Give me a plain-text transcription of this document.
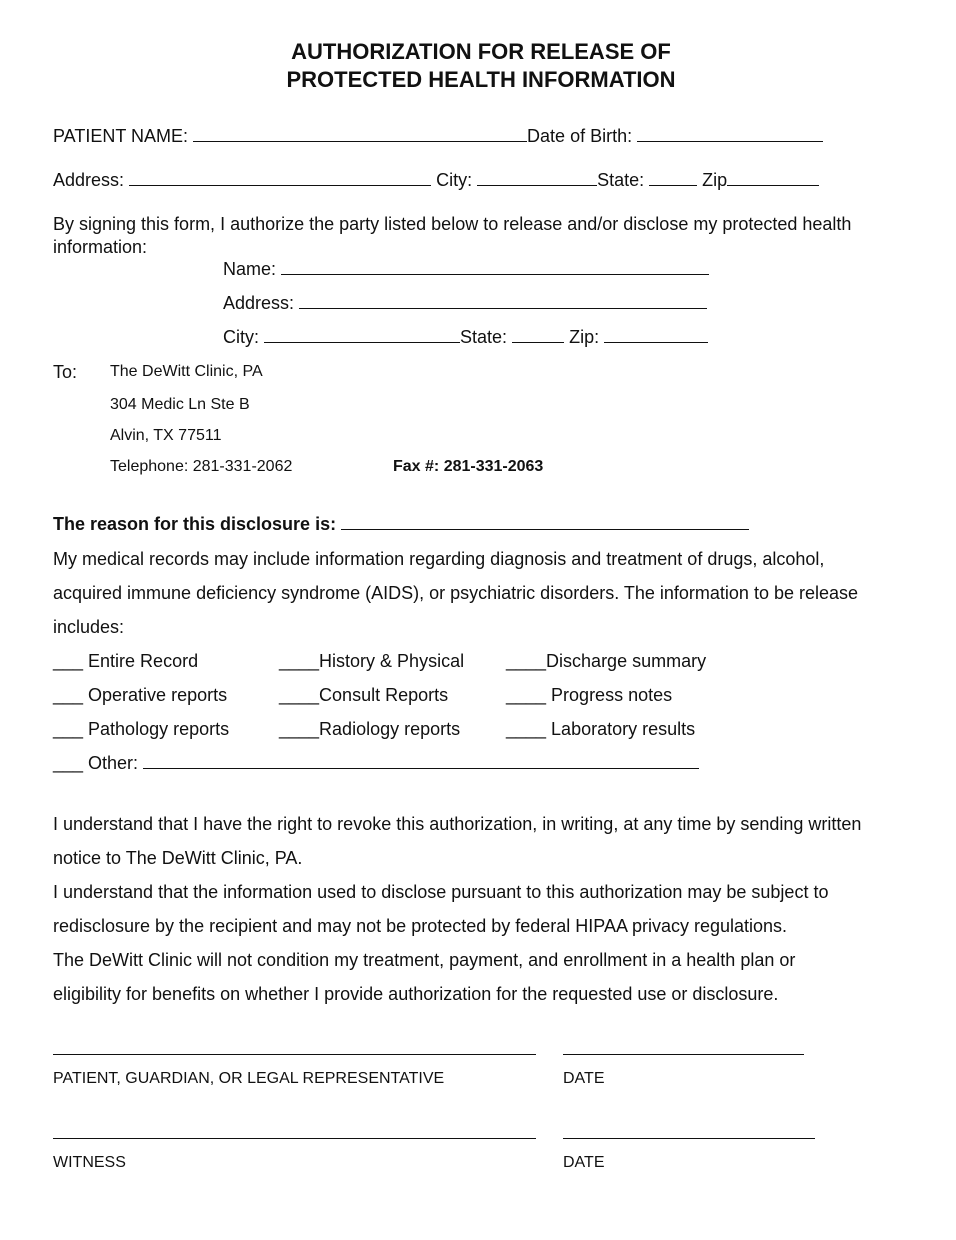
AUTHORIZATION FOR RELEASE OF
PROTECTED HEALTH INFORMATION
PATIENT NAME:	Date of Birth:
Address:	City:	State:	Zip
By signing this form, I authorize the party listed below to release and/or disclose my protected health
information:
Name:
Address:
City:	State:	Zip:
To: The DeWitt Clinic, PA
304 Medic Ln Ste B
Alvin, TX 77511
Telephone: 281-331-2062	Fax #: 281-331-2063
The reason for this disclosure is:
My medical records may include information regarding diagnosis and treatment of drugs, alcohol,
acquired immune deficiency syndrome (AIDS), or psychiatric disorders. The information to be release
includes:
___ Entire Record	____History & Physical ____Discharge summary
___ Operative reports	____Consult Reports	____ Progress notes
___ Pathology reports	____Radiology reports	____ Laboratory results
___ Other:
I understand that I have the right to revoke this authorization, in writing, at any time by sending written
notice to The DeWitt Clinic, PA.
I understand that the information used to disclose pursuant to this authorization may be subject to
redisclosure by the recipient and may not be protected by federal HIPAA privacy regulations.
The DeWitt Clinic will not condition my treatment, payment, and enrollment in a health plan or
eligibility for benefits on whether I provide authorization for the requested use or disclosure.
PATIENT, GUARDIAN, OR LEGAL REPRESENTATIVE	DATE
WITNESS	DATE
